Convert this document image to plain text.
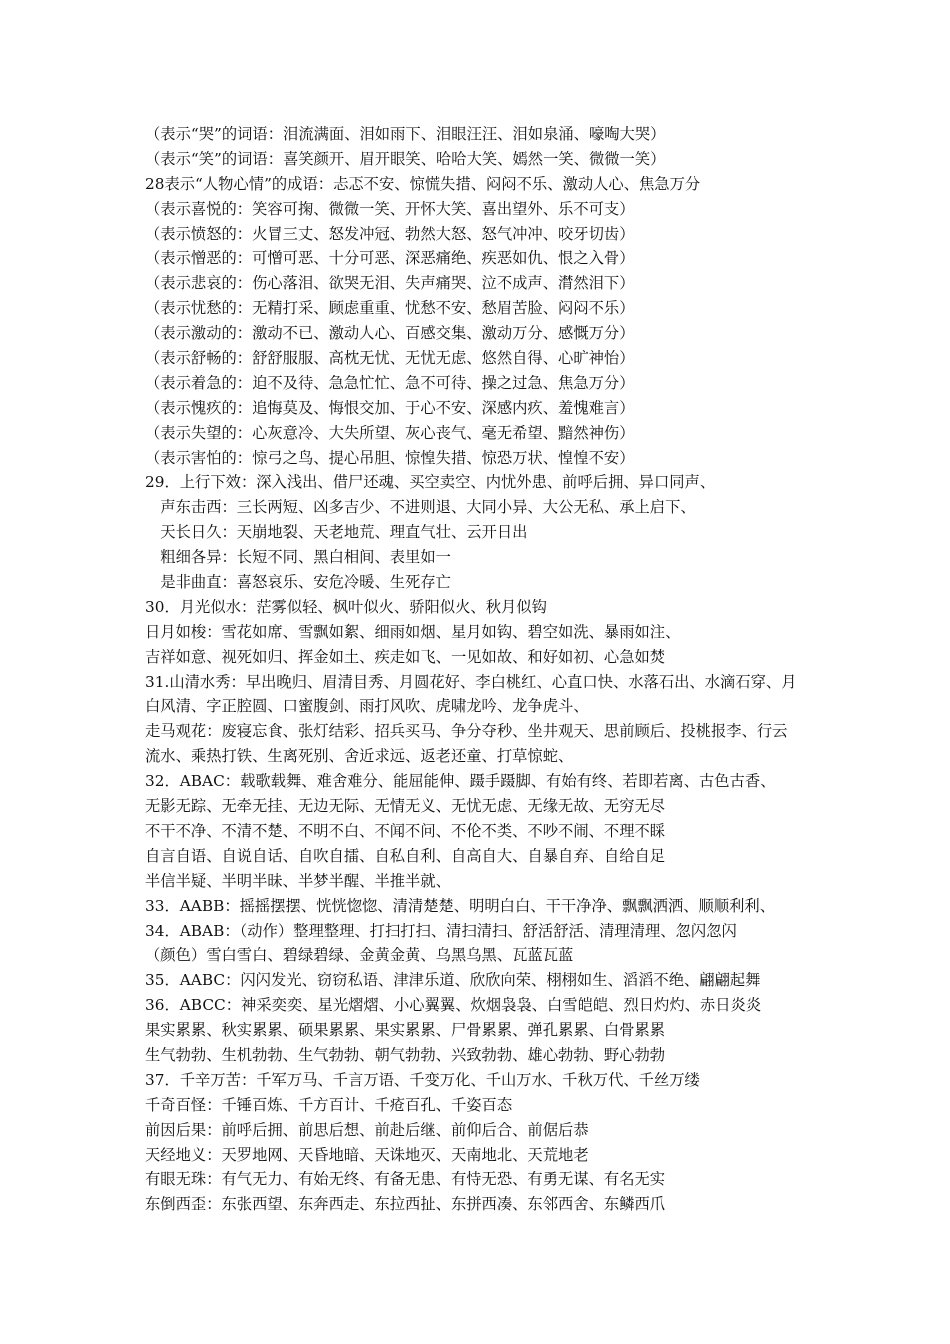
（表示“哭”的词语：泪流满面、泪如雨下、泪眼汪汪、泪如泉涌、嚎啕大哭）
（表示“笑”的词语：喜笑颜开、眉开眼笑、哈哈大笑、嫣然一笑、微微一笑）
28表示“人物心情”的成语：忐忑不安、惊慌失措、闷闷不乐、激动人心、焦急万分
（表示喜悦的：笑容可掬、微微一笑、开怀大笑、喜出望外、乐不可支）
（表示愤怒的：火冒三丈、怒发冲冠、勃然大怒、怒气冲冲、咬牙切齿）
（表示憎恶的：可憎可恶、十分可恶、深恶痛绝、疾恶如仇、恨之入骨）
（表示悲哀的：伤心落泪、欲哭无泪、失声痛哭、泣不成声、潸然泪下）
（表示忧愁的：无精打采、顾虑重重、忧愁不安、愁眉苦脸、闷闷不乐）
（表示激动的：激动不已、激动人心、百感交集、激动万分、感慨万分）
（表示舒畅的：舒舒服服、高枕无忧、无忧无虑、悠然自得、心旷神怡）
（表示着急的：迫不及待、急急忙忙、急不可待、操之过急、焦急万分）
（表示愧疚的：追悔莫及、悔恨交加、于心不安、深感内疚、羞愧难言）
（表示失望的：心灰意冷、大失所望、灰心丧气、毫无希望、黯然神伤）
（表示害怕的：惊弓之鸟、提心吊胆、惊惶失措、惊恐万状、惶惶不安）
29．上行下效：深入浅出、借尸还魂、买空卖空、内忧外患、前呼后拥、异口同声、
　声东击西：三长两短、凶多吉少、不进则退、大同小异、大公无私、承上启下、
　天长日久：天崩地裂、天老地荒、理直气壮、云开日出
　粗细各异：长短不同、黑白相间、表里如一
　是非曲直：喜怒哀乐、安危冷暖、生死存亡
30．月光似水：茫雾似轻、枫叶似火、骄阳似火、秋月似钩
日月如梭：雪花如席、雪飘如絮、细雨如烟、星月如钩、碧空如洗、暴雨如注、
吉祥如意、视死如归、挥金如土、疾走如飞、一见如故、和好如初、心急如焚
31.山清水秀：早出晚归、眉清目秀、月圆花好、李白桃红、心直口快、水落石出、水滴石穿、月
白风清、字正腔圆、口蜜腹剑、雨打风吹、虎啸龙吟、龙争虎斗、
走马观花：废寝忘食、张灯结彩、招兵买马、争分夺秒、坐井观天、思前顾后、投桃报李、行云
流水、乘热打铁、生离死别、舍近求远、返老还童、打草惊蛇、
32．ABAC：载歌载舞、难舍难分、能屈能伸、蹑手蹑脚、有始有终、若即若离、古色古香、
无影无踪、无牵无挂、无边无际、无情无义、无忧无虑、无缘无故、无穷无尽
不干不净、不清不楚、不明不白、不闻不问、不伦不类、不吵不闹、不理不睬
自言自语、自说自话、自吹自擂、自私自利、自高自大、自暴自弃、自给自足
半信半疑、半明半昧、半梦半醒、半推半就、
33．AABB：摇摇摆摆、恍恍惚惚、清清楚楚、明明白白、干干净净、飘飘洒洒、顺顺利利、
34．ABAB：（动作）整理整理、打扫打扫、清扫清扫、舒活舒活、清理清理、忽闪忽闪
（颜色）雪白雪白、碧绿碧绿、金黄金黄、乌黑乌黑、瓦蓝瓦蓝
35．AABC：闪闪发光、窃窃私语、津津乐道、欣欣向荣、栩栩如生、滔滔不绝、翩翩起舞
36．ABCC：神采奕奕、星光熠熠、小心翼翼、炊烟袅袅、白雪皑皑、烈日灼灼、赤日炎炎
果实累累、秋实累累、硕果累累、果实累累、尸骨累累、弹孔累累、白骨累累
生气勃勃、生机勃勃、生气勃勃、朝气勃勃、兴致勃勃、雄心勃勃、野心勃勃
37．千辛万苦：千军万马、千言万语、千变万化、千山万水、千秋万代、千丝万缕
千奇百怪：千锤百炼、千方百计、千疮百孔、千姿百态
前因后果：前呼后拥、前思后想、前赴后继、前仰后合、前倨后恭
天经地义：天罗地网、天昏地暗、天诛地灭、天南地北、天荒地老
有眼无珠：有气无力、有始无终、有备无患、有恃无恐、有勇无谋、有名无实
东倒西歪：东张西望、东奔西走、东拉西扯、东拼西凑、东邻西舍、东鳞西爪
